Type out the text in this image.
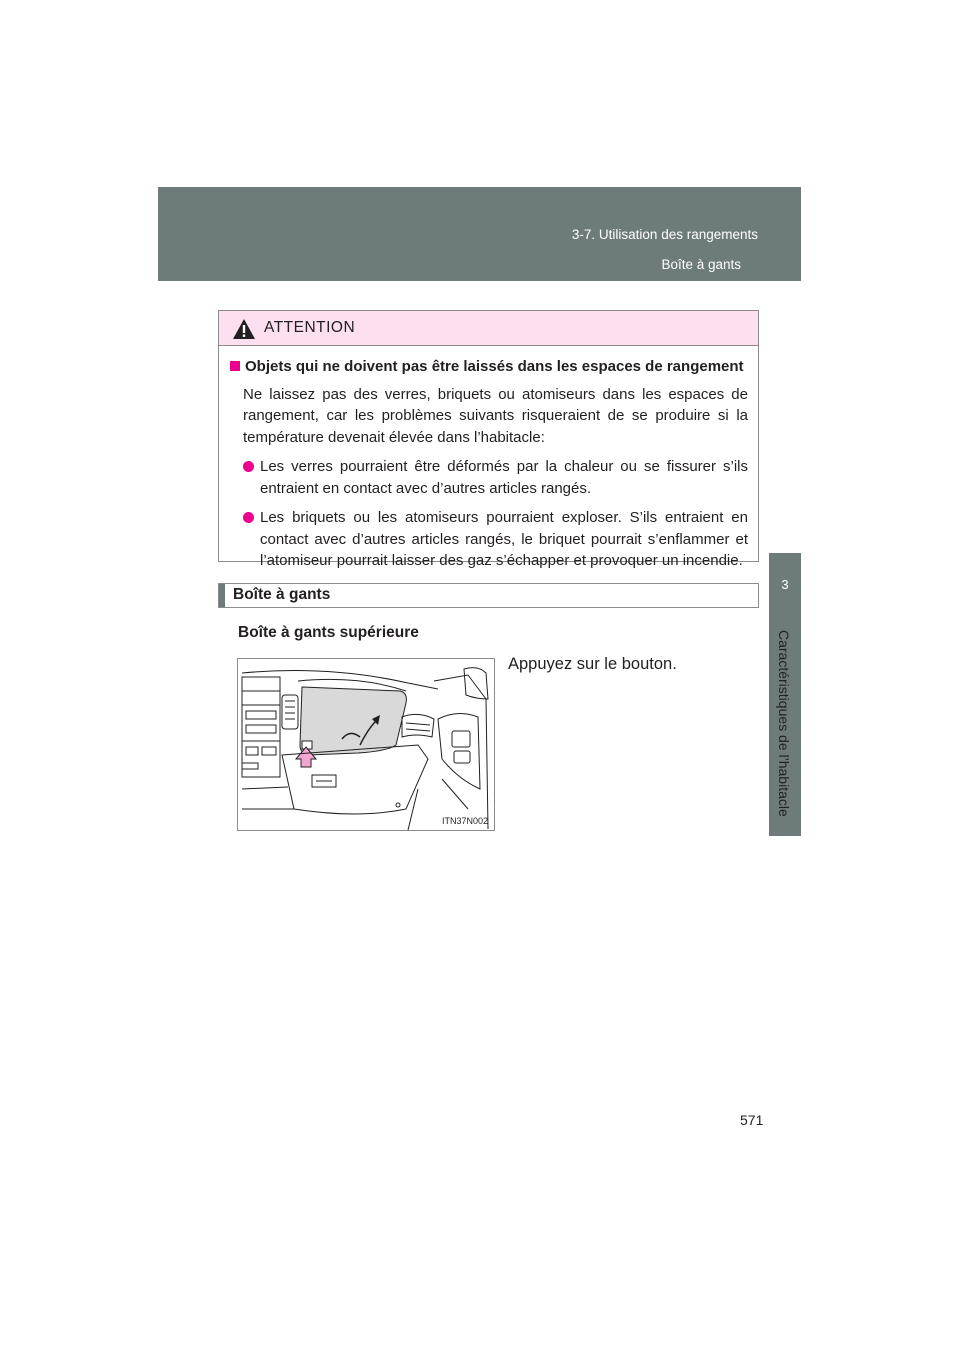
3-7. Utilisation des rangements
Boîte à gants
3
Caractéristiques de l’habitacle
ATTENTION
Objets qui ne doivent pas être laissés dans les espaces de rangement
Ne laissez pas des verres, briquets ou atomiseurs dans les espaces de rangement, car les problèmes suivants risqueraient de se produire si la température devenait élevée dans l’habitacle:
Les verres pourraient être déformés par la chaleur ou se fissurer s’ils entraient en contact avec d’autres articles rangés.
Les briquets ou les atomiseurs pourraient exploser. S’ils entraient en contact avec d’autres articles rangés, le briquet pourrait s’enflammer et l’atomiseur pourrait laisser des gaz s’échapper et provoquer un incendie.
Boîte à gants
Boîte à gants supérieure
ITN37N002
Appuyez sur le bouton.
571
